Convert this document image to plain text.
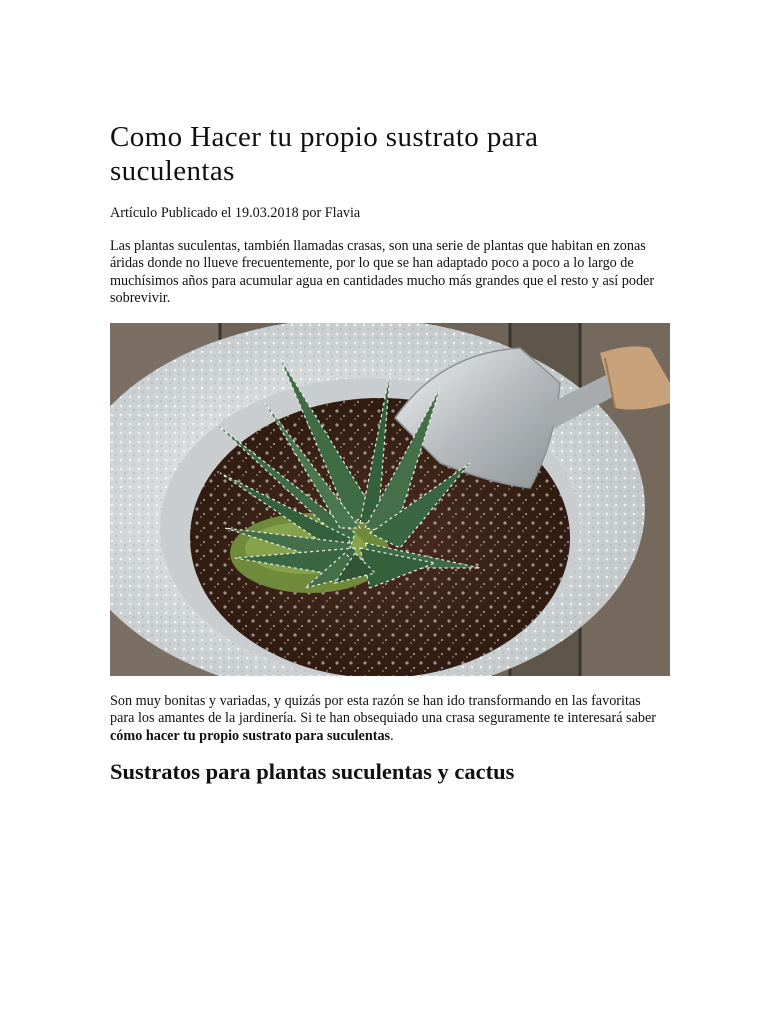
Como Hacer tu propio sustrato para suculentas

Artículo Publicado el 19.03.2018 por Flavia

Las plantas suculentas, también llamadas crasas, son una serie de plantas que habitan en zonas áridas donde no llueve frecuentemente, por lo que se han adaptado poco a poco a lo largo de muchísimos años para acumular agua en cantidades mucho más grandes que el resto y así poder sobrevivir.

Son muy bonitas y variadas, y quizás por esta razón se han ido transformando en las favoritas para los amantes de la jardinería. Si te han obsequiado una crasa seguramente te interesará saber cómo hacer tu propio sustrato para suculentas.

Sustratos para plantas suculentas y cactus
